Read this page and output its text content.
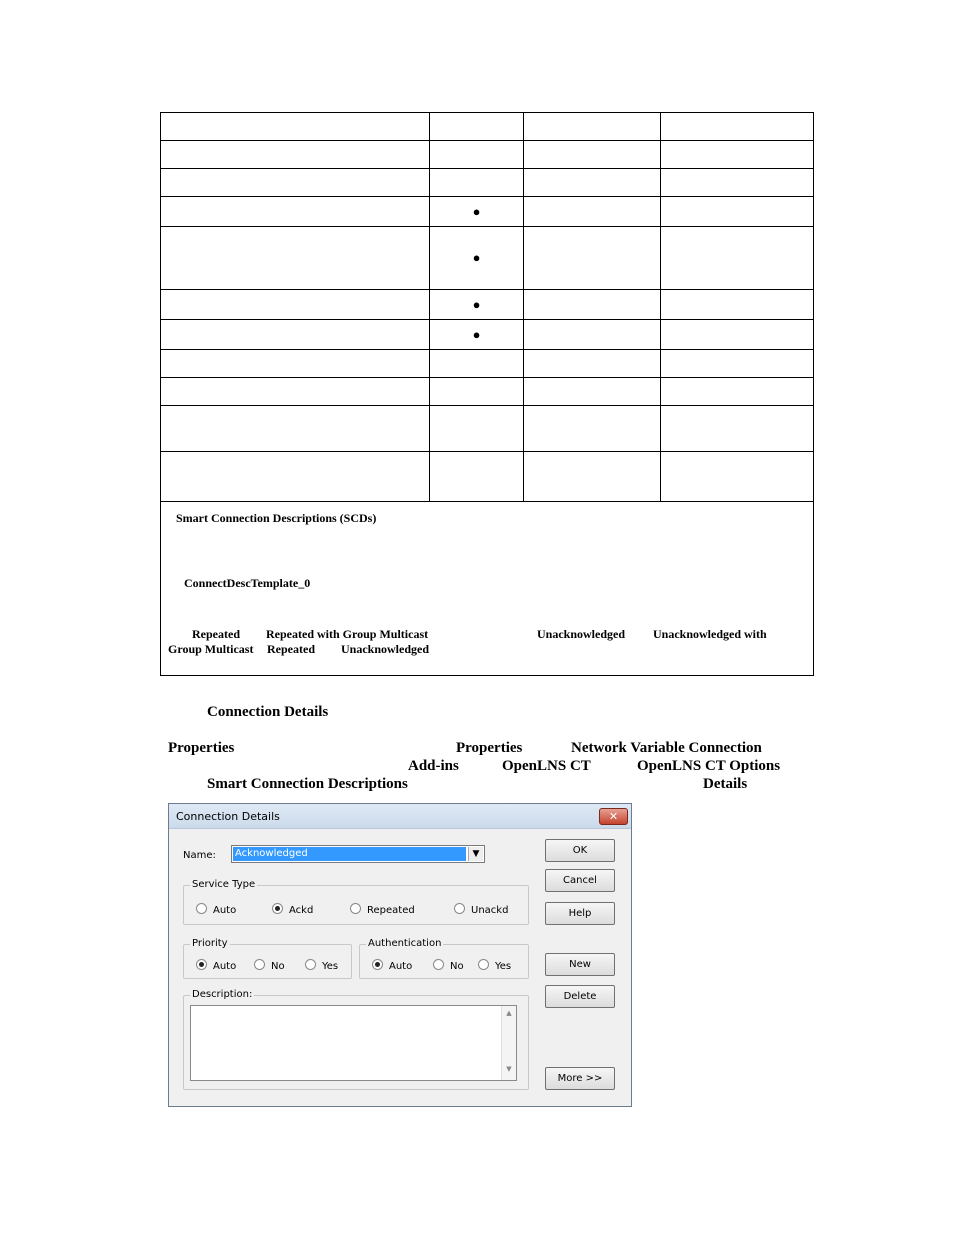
	●		
	●		
	●		
	●		

Smart Connection Descriptions (SCDs)
ConnectDescTemplate_0
Repeated Repeated with Group Multicast	Unacknowledged Unacknowledged with
Group Multicast Repeated Unacknowledged
Connection Details
Properties	Properties	Network Variable Connection
Add-ins	OpenLNS CT	OpenLNS CT Options
Smart Connection Descriptions	Details
Connection Details	✕
Name: Acknowledged	▼
Service Type
Auto	Ackd	Repeated	Unackd
Priority
Auto	No	Yes
Authentication
Auto	No	Yes
Description:
▲
▼
OK
Cancel
Help
New
Delete
More >>
